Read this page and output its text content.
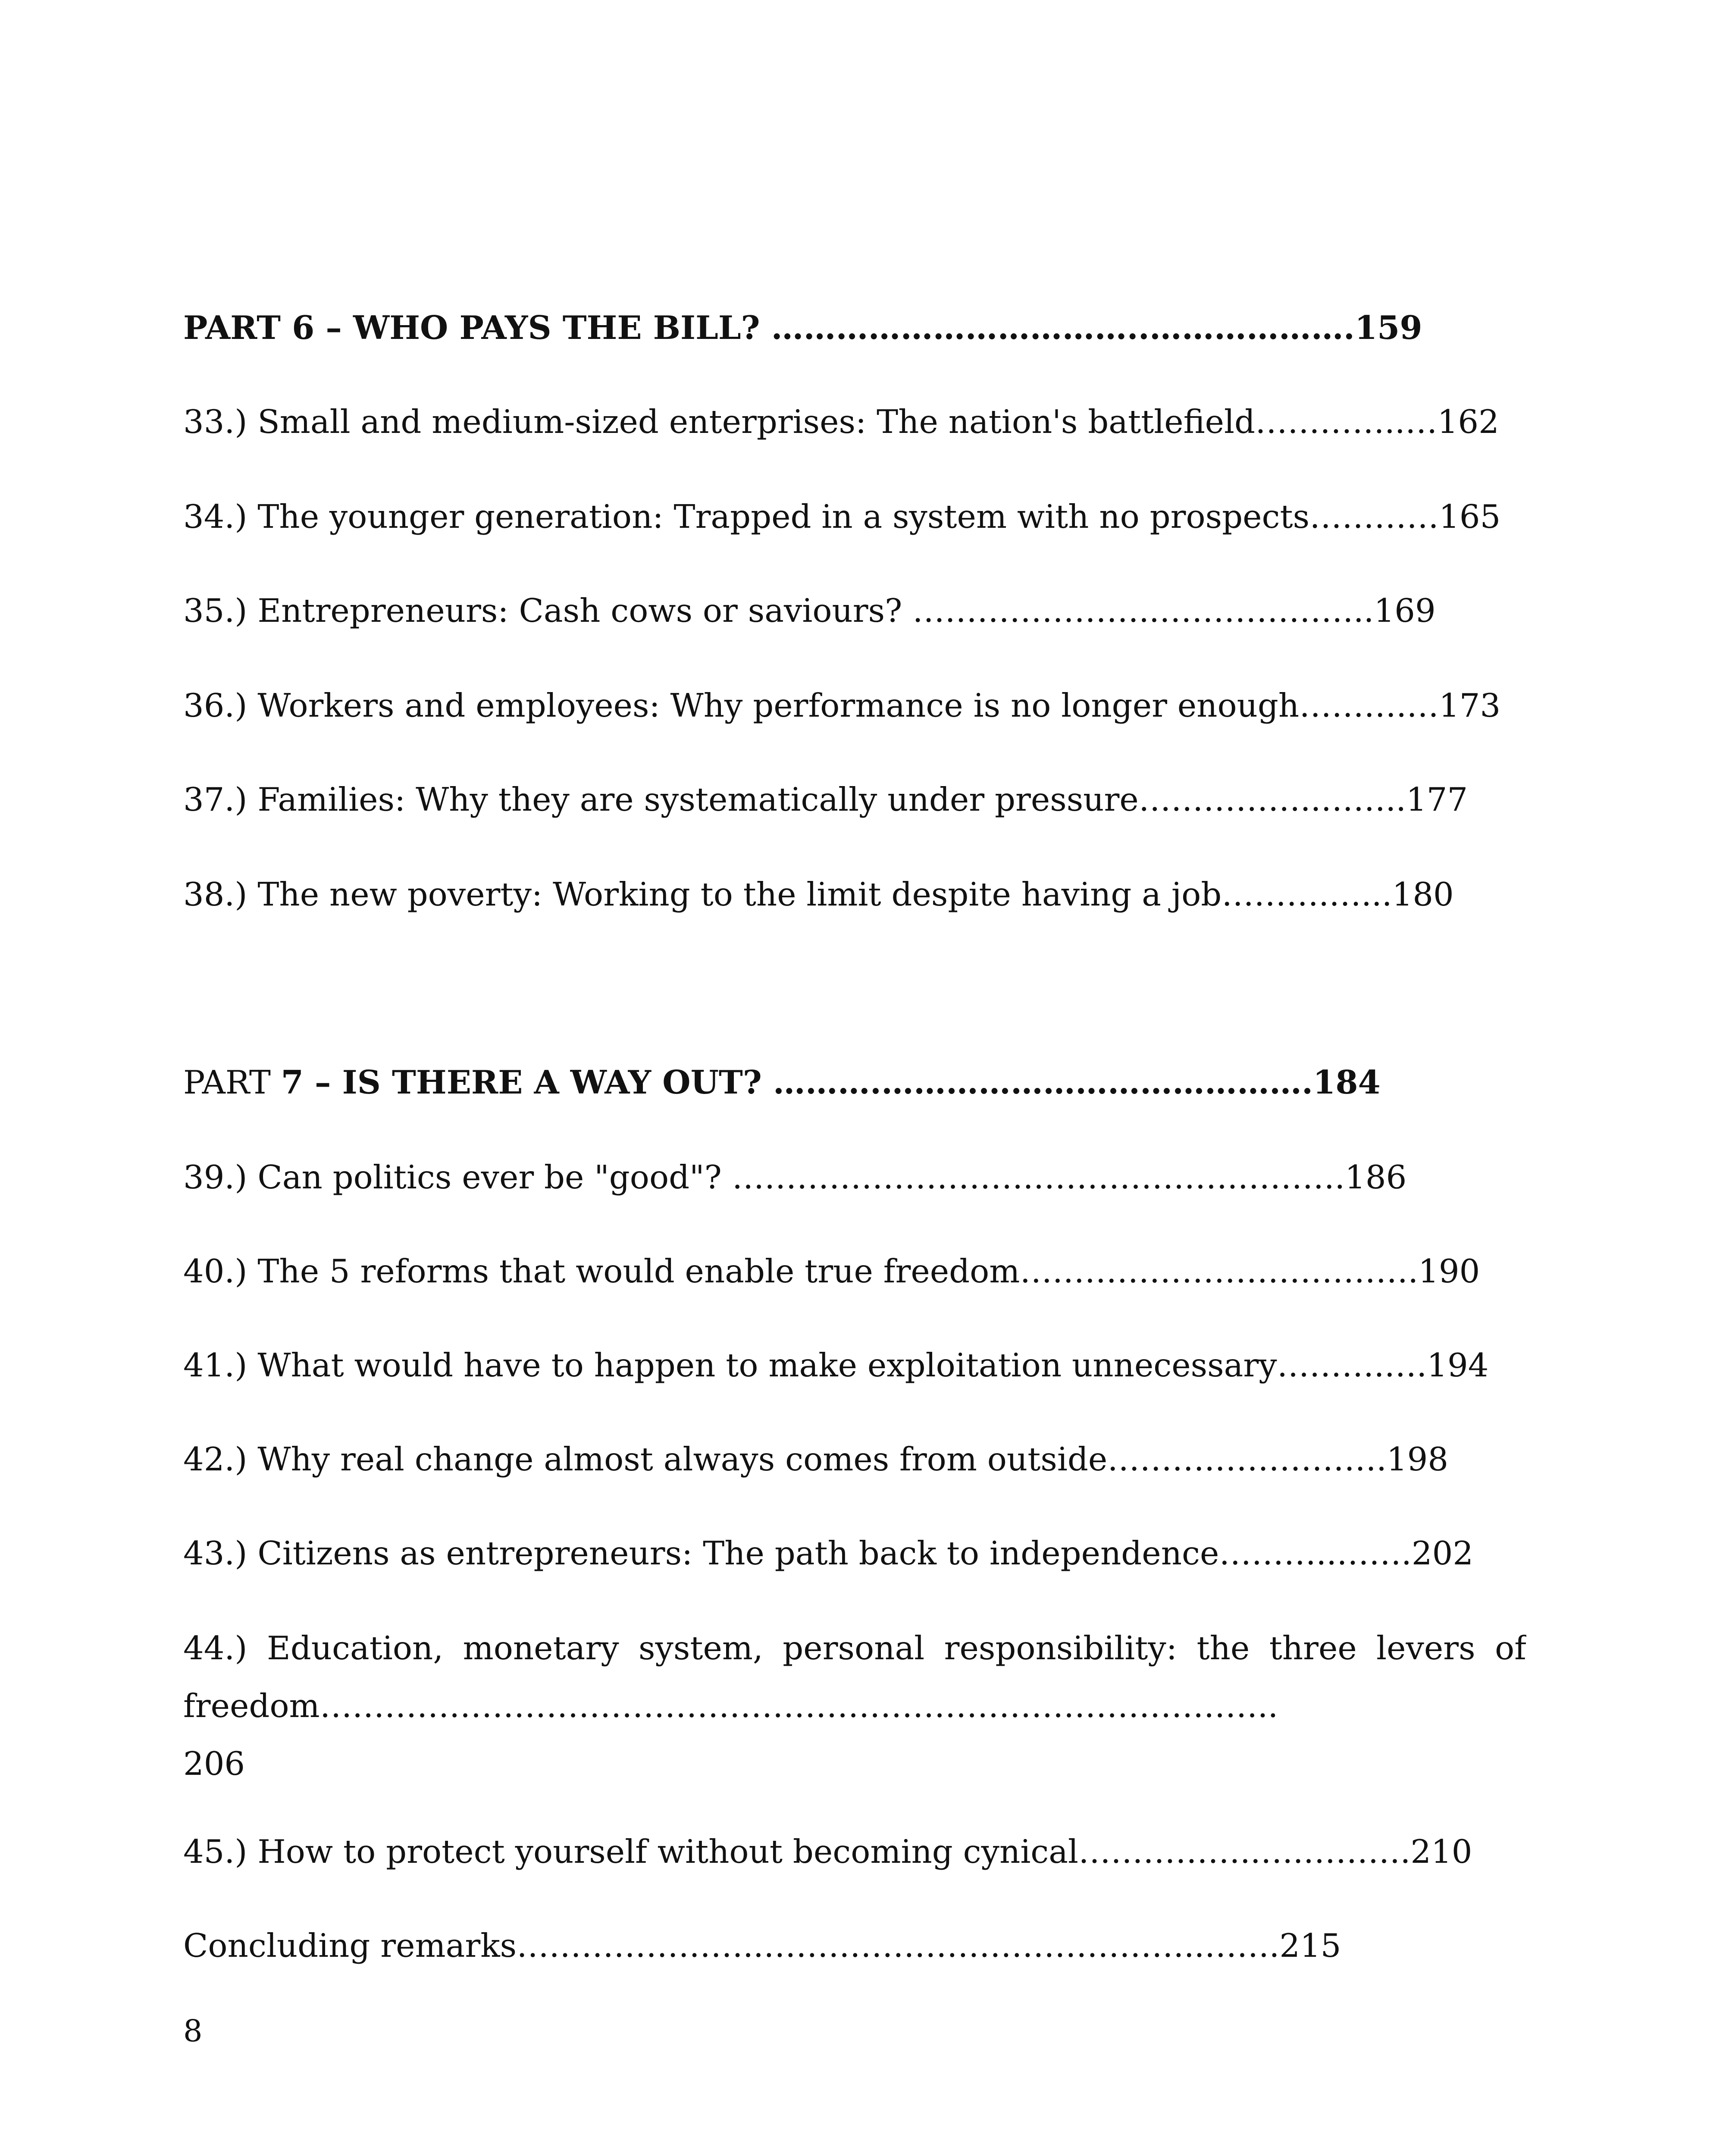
PART 6 – WHO PAYS THE BILL? ……………………………..……………….159
33.) Small and medium-sized enterprises: The nation's battlefield…………..…162
34.) The younger generation: Trapped in a system with no prospects…………165
35.) Entrepreneurs: Cash cows or saviours? …………………..………………..169
36.) Workers and employees: Why performance is no longer enough……….…173
37.) Families: Why they are systematically under pressure……………..……..177
38.) The new poverty: Working to the limit despite having a job……….…...180
PART 7 – IS THERE A WAY OUT? ……….………………………………….184
39.) Can politics ever be "good"? ……………………….……………….……….186
40.) The 5 reforms that would enable true freedom……………………………….190
41.) What would have to happen to make exploitation unnecessary……….….194
42.) Why real change almost always comes from outside……….…………….198
43.) Citizens as entrepreneurs: The path back to independence………..…….202
44.) Education, monetary system, personal responsibility: the three levers of
freedom……………………………………………………………………………..
206
45.) How to protect yourself without becoming cynical……………..….……….210
Concluding remarks…………………..…………………………………..…….215
8
